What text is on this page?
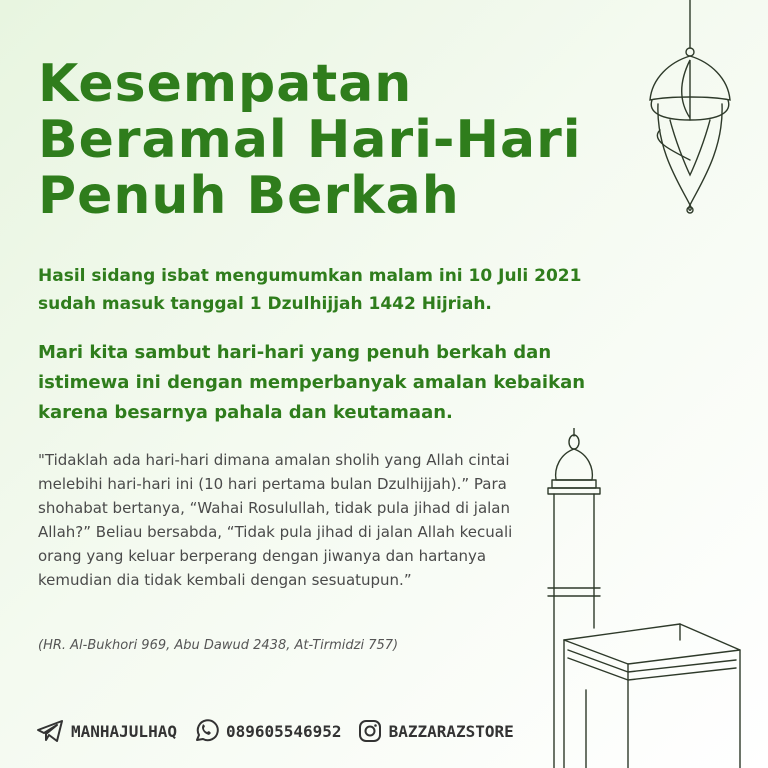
Kesempatan
Beramal Hari-Hari
Penuh Berkah

Hasil sidang isbat mengumumkan malam ini 10 Juli 2021 sudah masuk tanggal 1 Dzulhijjah 1442 Hijriah.

Mari kita sambut hari-hari yang penuh berkah dan istimewa ini dengan memperbanyak amalan kebaikan karena besarnya pahala dan keutamaan.

"Tidaklah ada hari-hari dimana amalan sholih yang Allah cintai melebihi hari-hari ini (10 hari pertama bulan Dzulhijjah).” Para shohabat bertanya, “Wahai Rosulullah, tidak pula jihad di jalan Allah?” Beliau bersabda, “Tidak pula jihad di jalan Allah kecuali orang yang keluar berperang dengan jiwanya dan hartanya kemudian dia tidak kembali dengan sesuatupun.”

(HR. Al-Bukhori 969, Abu Dawud 2438, At-Tirmidzi 757)

MANHAJULHAQ	089605546952	BAZZARAZSTORE
